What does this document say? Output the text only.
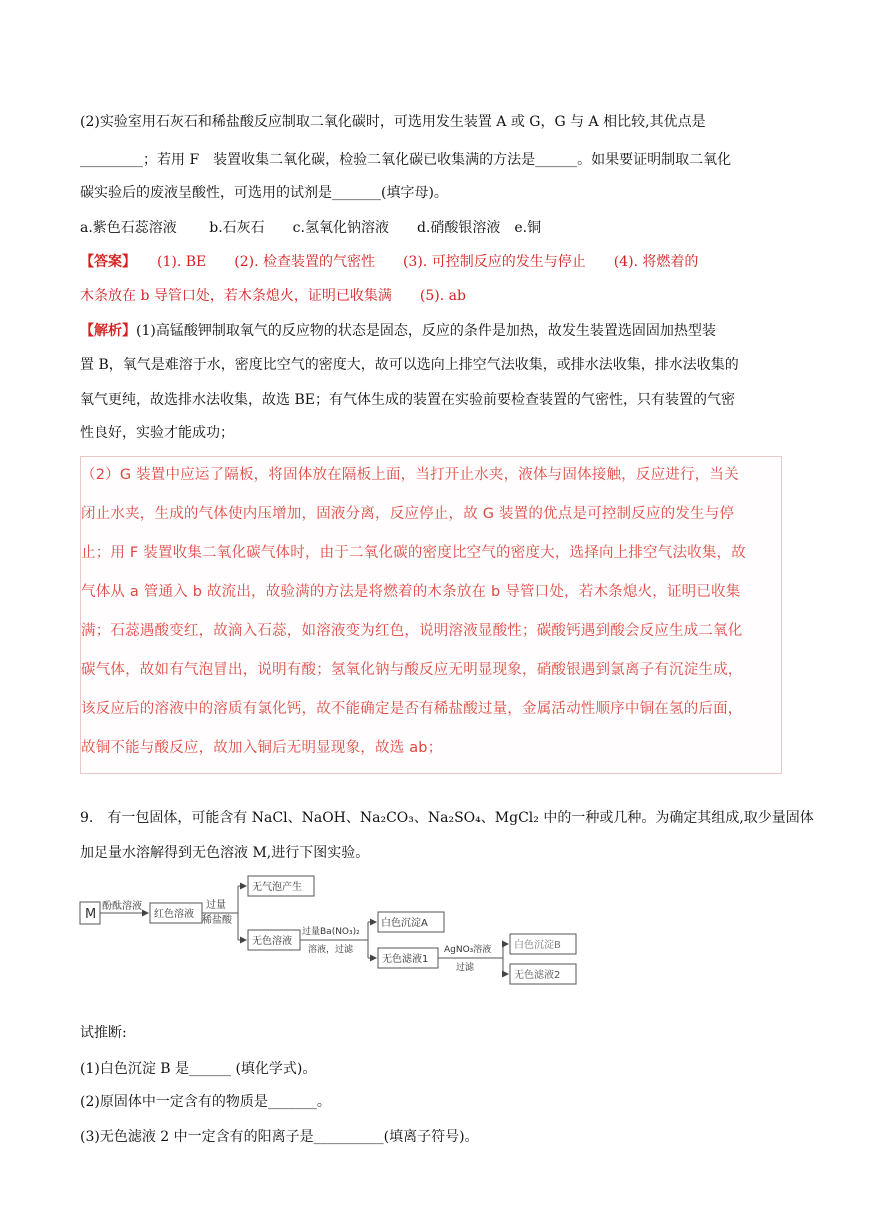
(2)实验室用石灰石和稀盐酸反应制取二氧化碳时，可选用发生装置 A 或 G，G 与 A 相比较,其优点是
_________；若用 F　装置收集二氧化碳，检验二氧化碳已收集满的方法是______。如果要证明制取二氧化
碳实验后的废液呈酸性，可选用的试剂是_______(填字母)。
a.紫色石蕊溶液　　 b.石灰石　　c.氢氧化钠溶液　　d.硝酸银溶液　e.铜
【答案】　　(1). BE　　(2). 检查装置的气密性　　(3). 可控制反应的发生与停止　　(4). 将燃着的
木条放在 b 导管口处，若木条熄火，证明已收集满　　(5). ab
【解析】(1)高锰酸钾制取氧气的反应物的状态是固态，反应的条件是加热，故发生装置选固固加热型装
置 B，氧气是难溶于水，密度比空气的密度大，故可以选向上排空气法收集，或排水法收集，排水法收集的
氧气更纯，故选排水法收集，故选 BE；有气体生成的装置在实验前要检查装置的气密性，只有装置的气密
性良好，实验才能成功；
（2）G 装置中应运了隔板，将固体放在隔板上面，当打开止水夹，液体与固体接触，反应进行，当关
闭止水夹，生成的气体使内压增加，固液分离，反应停止，故 G 装置的优点是可控制反应的发生与停
止；用 F 装置收集二氧化碳气体时，由于二氧化碳的密度比空气的密度大，选择向上排空气法收集，故
气体从 a 管通入 b 故流出，故验满的方法是将燃着的木条放在 b 导管口处，若木条熄火，证明已收集
满；石蕊遇酸变红，故滴入石蕊，如溶液变为红色，说明溶液显酸性；碳酸钙遇到酸会反应生成二氧化
碳气体，故如有气泡冒出，说明有酸；氢氧化钠与酸反应无明显现象，硝酸银遇到氯离子有沉淀生成，
该反应后的溶液中的溶质有氯化钙，故不能确定是否有稀盐酸过量，金属活动性顺序中铜在氢的后面，
故铜不能与酸反应，故加入铜后无明显现象，故选 ab；
9.　有一包固体，可能含有 NaCl、NaOH、Na₂CO₃、Na₂SO₄、MgCl₂ 中的一种或几种。为确定其组成,取少量固体
加足量水溶解得到无色溶液 M,进行下图实验。
M
酚酞溶液
红色溶液
过量
稀盐酸
无气泡产生
无色溶液
过量Ba(NO₃)₂
溶液，过滤
白色沉淀A
无色滤液1
AgNO₃溶液
过滤
白色沉淀B
无色滤液2
试推断:
(1)白色沉淀 B 是______ (填化学式)。
(2)原固体中一定含有的物质是_______。
(3)无色滤液 2 中一定含有的阳离子是__________(填离子符号)。
